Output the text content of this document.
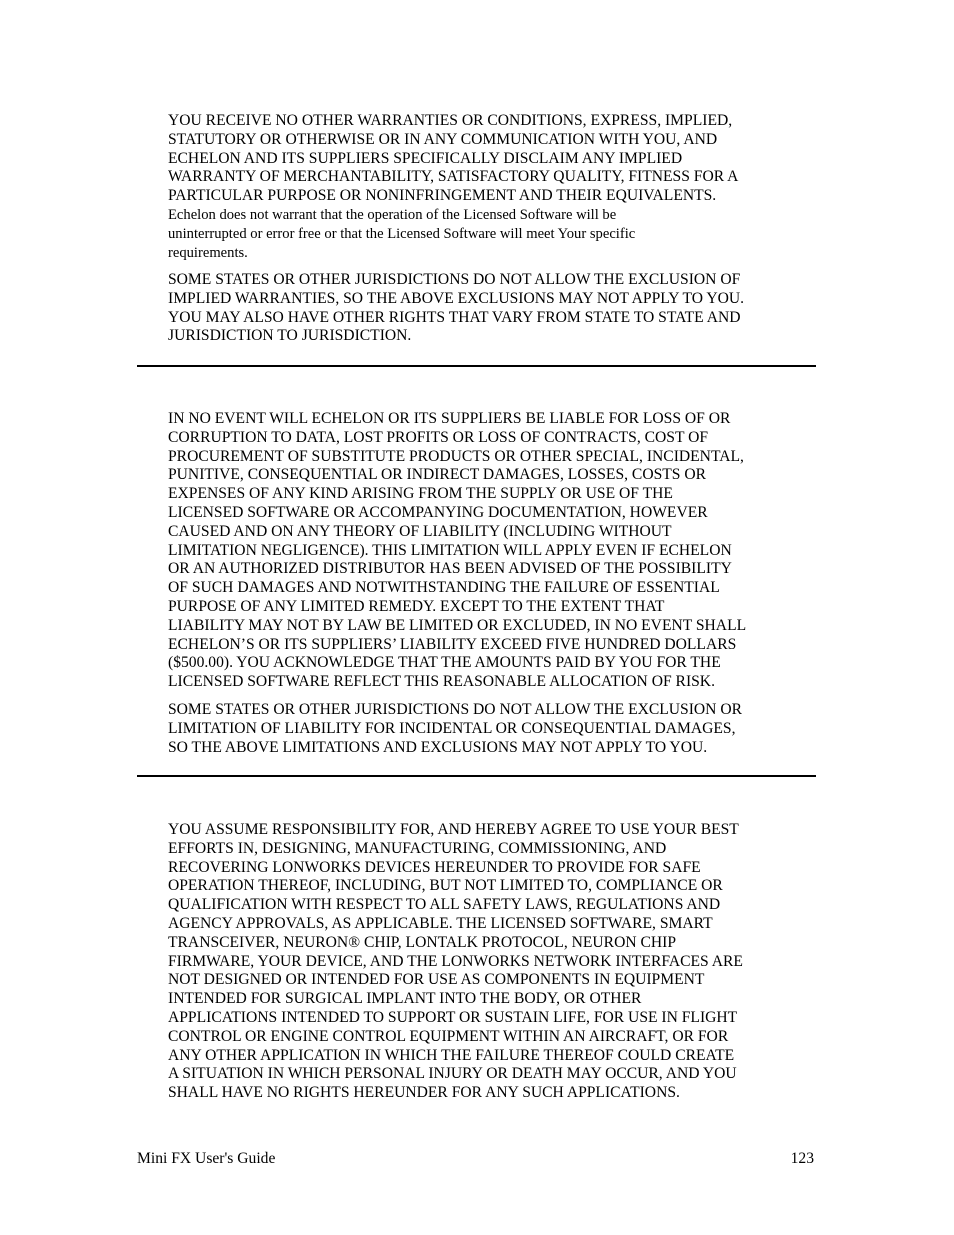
YOU RECEIVE NO OTHER WARRANTIES OR CONDITIONS, EXPRESS, IMPLIED,
STATUTORY OR OTHERWISE OR IN ANY COMMUNICATION WITH YOU, AND
ECHELON AND ITS SUPPLIERS SPECIFICALLY DISCLAIM ANY IMPLIED
WARRANTY OF MERCHANTABILITY, SATISFACTORY QUALITY, FITNESS FOR A
PARTICULAR PURPOSE OR NONINFRINGEMENT AND THEIR EQUIVALENTS.

Echelon does not warrant that the operation of the Licensed Software will be
uninterrupted or error free or that the Licensed Software will meet Your specific
requirements.

SOME STATES OR OTHER JURISDICTIONS DO NOT ALLOW THE EXCLUSION OF
IMPLIED WARRANTIES, SO THE ABOVE EXCLUSIONS MAY NOT APPLY TO YOU.
YOU MAY ALSO HAVE OTHER RIGHTS THAT VARY FROM STATE TO STATE AND
JURISDICTION TO JURISDICTION.

IN NO EVENT WILL ECHELON OR ITS SUPPLIERS BE LIABLE FOR LOSS OF OR
CORRUPTION TO DATA, LOST PROFITS OR LOSS OF CONTRACTS, COST OF
PROCUREMENT OF SUBSTITUTE PRODUCTS OR OTHER SPECIAL, INCIDENTAL,
PUNITIVE, CONSEQUENTIAL OR INDIRECT DAMAGES, LOSSES, COSTS OR
EXPENSES OF ANY KIND ARISING FROM THE SUPPLY OR USE OF THE
LICENSED SOFTWARE OR ACCOMPANYING DOCUMENTATION, HOWEVER
CAUSED AND ON ANY THEORY OF LIABILITY (INCLUDING WITHOUT
LIMITATION NEGLIGENCE). THIS LIMITATION WILL APPLY EVEN IF ECHELON
OR AN AUTHORIZED DISTRIBUTOR HAS BEEN ADVISED OF THE POSSIBILITY
OF SUCH DAMAGES AND NOTWITHSTANDING THE FAILURE OF ESSENTIAL
PURPOSE OF ANY LIMITED REMEDY. EXCEPT TO THE EXTENT THAT
LIABILITY MAY NOT BY LAW BE LIMITED OR EXCLUDED, IN NO EVENT SHALL
ECHELON’S OR ITS SUPPLIERS’ LIABILITY EXCEED FIVE HUNDRED DOLLARS
($500.00). YOU ACKNOWLEDGE THAT THE AMOUNTS PAID BY YOU FOR THE
LICENSED SOFTWARE REFLECT THIS REASONABLE ALLOCATION OF RISK.

SOME STATES OR OTHER JURISDICTIONS DO NOT ALLOW THE EXCLUSION OR
LIMITATION OF LIABILITY FOR INCIDENTAL OR CONSEQUENTIAL DAMAGES,
SO THE ABOVE LIMITATIONS AND EXCLUSIONS MAY NOT APPLY TO YOU.

YOU ASSUME RESPONSIBILITY FOR, AND HEREBY AGREE TO USE YOUR BEST
EFFORTS IN, DESIGNING, MANUFACTURING, COMMISSIONING, AND
RECOVERING LONWORKS DEVICES HEREUNDER TO PROVIDE FOR SAFE
OPERATION THEREOF, INCLUDING, BUT NOT LIMITED TO, COMPLIANCE OR
QUALIFICATION WITH RESPECT TO ALL SAFETY LAWS, REGULATIONS AND
AGENCY APPROVALS, AS APPLICABLE. THE LICENSED SOFTWARE, SMART
TRANSCEIVER, NEURON® CHIP, LONTALK PROTOCOL, NEURON CHIP
FIRMWARE, YOUR DEVICE, AND THE LONWORKS NETWORK INTERFACES ARE
NOT DESIGNED OR INTENDED FOR USE AS COMPONENTS IN EQUIPMENT
INTENDED FOR SURGICAL IMPLANT INTO THE BODY, OR OTHER
APPLICATIONS INTENDED TO SUPPORT OR SUSTAIN LIFE, FOR USE IN FLIGHT
CONTROL OR ENGINE CONTROL EQUIPMENT WITHIN AN AIRCRAFT, OR FOR
ANY OTHER APPLICATION IN WHICH THE FAILURE THEREOF COULD CREATE
A SITUATION IN WHICH PERSONAL INJURY OR DEATH MAY OCCUR, AND YOU
SHALL HAVE NO RIGHTS HEREUNDER FOR ANY SUCH APPLICATIONS.

Mini FX User's Guide	123
